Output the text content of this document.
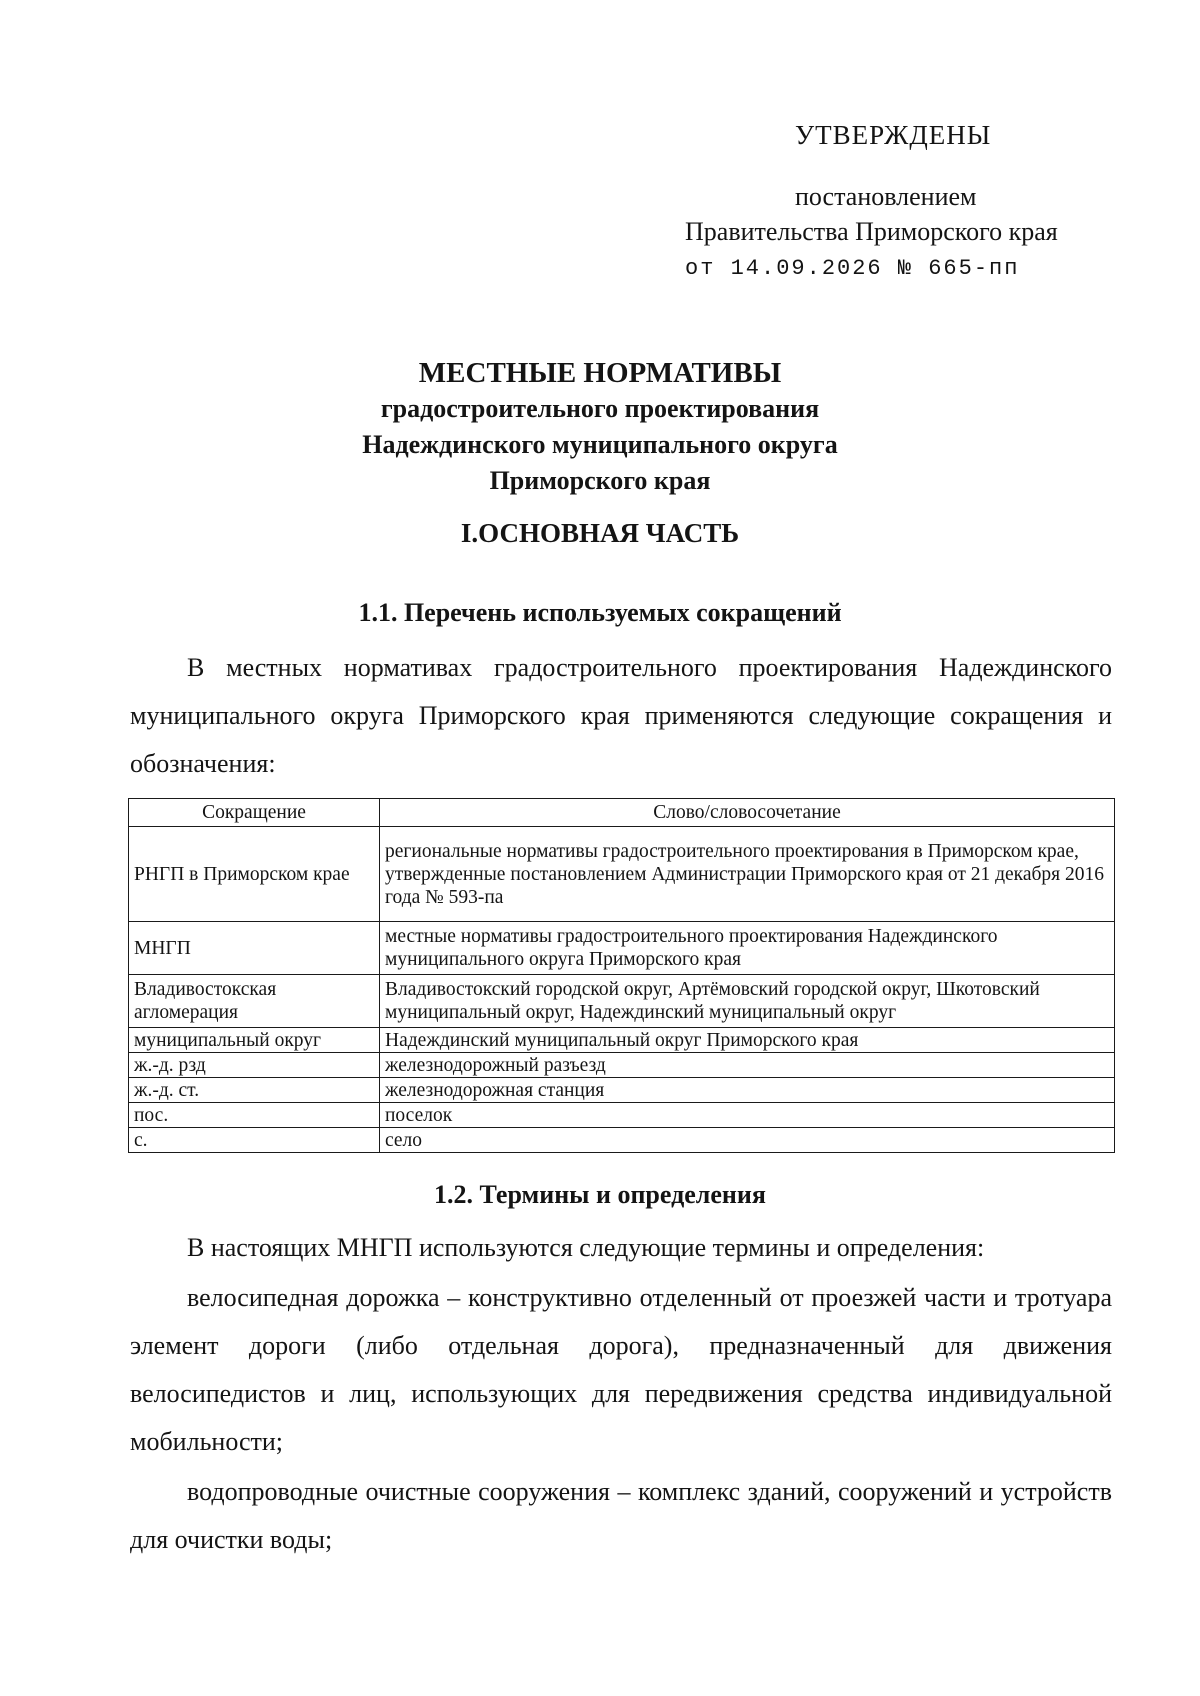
УТВЕРЖДЕНЫ
постановлением
Правительства Приморского края
от 14.09.2026 № 665-пп
МЕСТНЫЕ НОРМАТИВЫ
градостроительного проектирования
Надеждинского муниципального округа
Приморского края
I.ОСНОВНАЯ ЧАСТЬ
1.1. Перечень используемых сокращений
В местных нормативах градостроительного проектирования Надеждинского муниципального округа Приморского края применяются следующие сокращения и обозначения:
Сокращение	Слово/словосочетание
РНГП в Приморском крае	региональные нормативы градостроительного проектирования в Приморском крае, утвержденные постановлением Администрации Приморского края от 21 декабря 2016 года № 593-па
МНГП	местные нормативы градостроительного проектирования Надеждинского муниципального округа Приморского края
Владивостокская агломерация	Владивостокский городской округ, Артёмовский городской округ, Шкотовский муниципальный округ, Надеждинский муниципальный округ
муниципальный округ	Надеждинский муниципальный округ Приморского края
ж.-д. рзд	железнодорожный разъезд
ж.-д. ст.	железнодорожная станция
пос.	поселок
с.	село
1.2. Термины и определения
В настоящих МНГП используются следующие термины и определения:
велосипедная дорожка – конструктивно отделенный от проезжей части и тротуара элемент дороги (либо отдельная дорога), предназначенный для движения велосипедистов и лиц, использующих для передвижения средства индивидуальной мобильности;
водопроводные очистные сооружения – комплекс зданий, сооружений и устройств для очистки воды;
